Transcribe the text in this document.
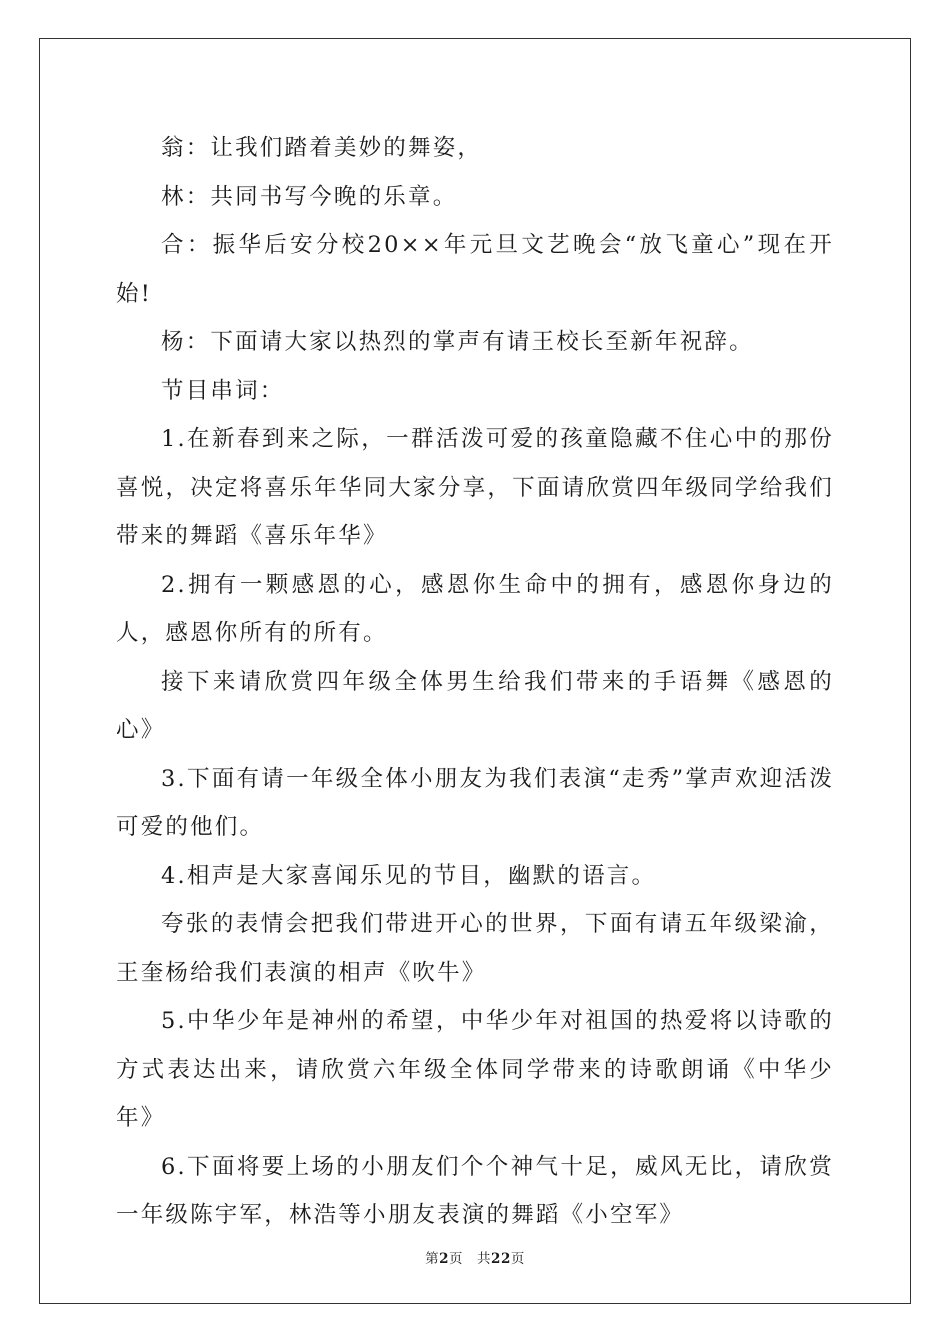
翁：让我们踏着美妙的舞姿，

林：共同书写今晚的乐章。

合：振华后安分校20××年元旦文艺晚会“放飞童心”现在开始!

杨：下面请大家以热烈的掌声有请王校长至新年祝辞。

节目串词：

1.在新春到来之际，一群活泼可爱的孩童隐藏不住心中的那份喜悦，决定将喜乐年华同大家分享，下面请欣赏四年级同学给我们带来的舞蹈《喜乐年华》

2.拥有一颗感恩的心，感恩你生命中的拥有，感恩你身边的人，感恩你所有的所有。

接下来请欣赏四年级全体男生给我们带来的手语舞《感恩的心》

3.下面有请一年级全体小朋友为我们表演“走秀”掌声欢迎活泼可爱的他们。

4.相声是大家喜闻乐见的节目，幽默的语言。

夸张的表情会把我们带进开心的世界，下面有请五年级梁渝，王奎杨给我们表演的相声《吹牛》

5.中华少年是神州的希望，中华少年对祖国的热爱将以诗歌的方式表达出来，请欣赏六年级全体同学带来的诗歌朗诵《中华少年》

6.下面将要上场的小朋友们个个神气十足，威风无比，请欣赏一年级陈宇军，林浩等小朋友表演的舞蹈《小空军》

第2页 共22页
